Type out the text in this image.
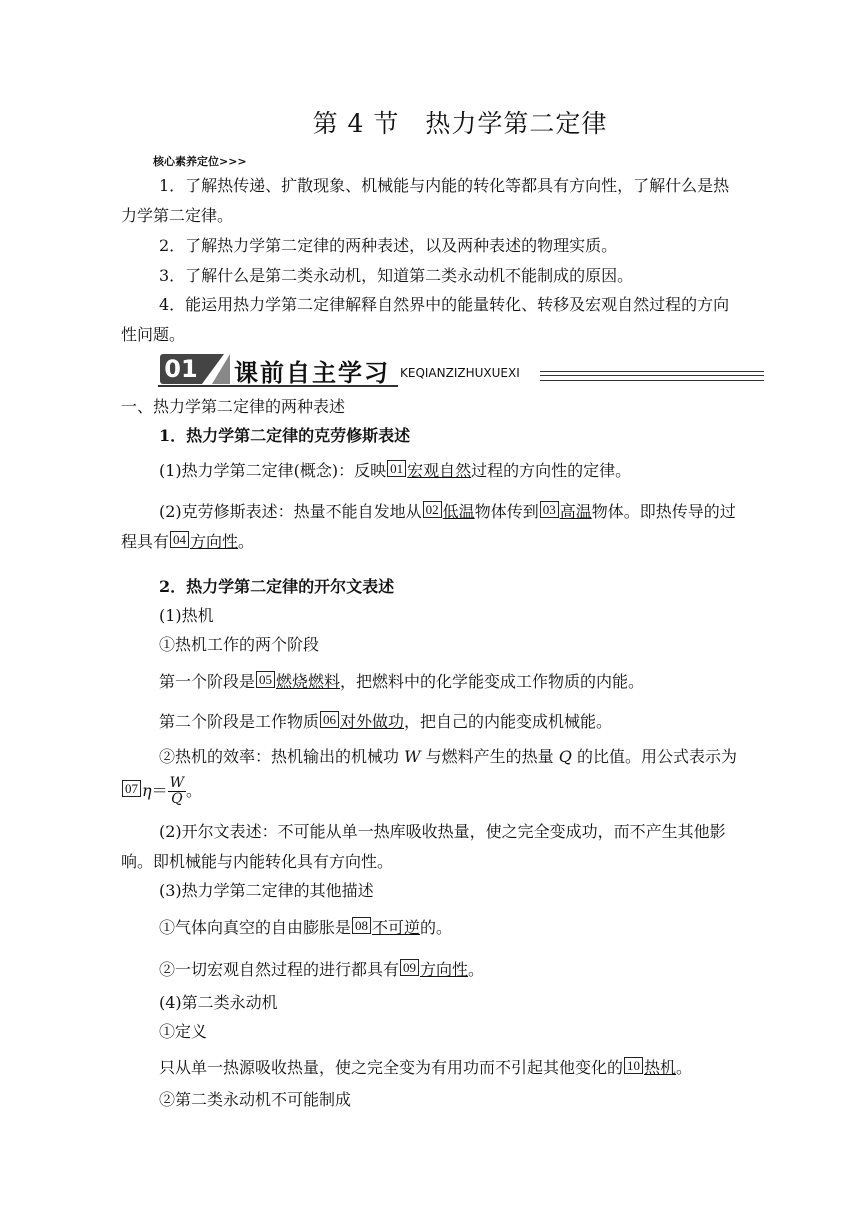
第 4 节　热力学第二定律
核心素养定位>>>
1．了解热传递、扩散现象、机械能与内能的转化等都具有方向性，了解什么是热力学第二定律。
2．了解热力学第二定律的两种表述，以及两种表述的物理实质。
3．了解什么是第二类永动机，知道第二类永动机不能制成的原因。
4．能运用热力学第二定律解释自然界中的能量转化、转移及宏观自然过程的方向性问题。
01 课前自主学习 KEQIANZIZHUXUEXI
一、热力学第二定律的两种表述
1．热力学第二定律的克劳修斯表述
(1)热力学第二定律(概念)：反映 01 宏观自然过程的方向性的定律。
(2)克劳修斯表述：热量不能自发地从 02 低温物体传到 03 高温物体。即热传导的过程具有 04 方向性。
2．热力学第二定律的开尔文表述
(1)热机
①热机工作的两个阶段
第一个阶段是 05 燃烧燃料，把燃料中的化学能变成工作物质的内能。
第二个阶段是工作物质 06 对外做功，把自己的内能变成机械能。
②热机的效率：热机输出的机械功 W 与燃料产生的热量 Q 的比值。用公式表示为07 $\eta= \frac{W}{Q}$ 。
(2)开尔文表述：不可能从单一热库吸收热量，使之完全变成功，而不产生其他影响。即机械能与内能转化具有方向性。
(3)热力学第二定律的其他描述
①气体向真空的自由膨胀是 08 不可逆的。
②一切宏观自然过程的进行都具有 09 方向性。
(4)第二类永动机
①定义
只从单一热源吸收热量，使之完全变为有用功而不引起其他变化的 10 热机。
②第二类永动机不可能制成
